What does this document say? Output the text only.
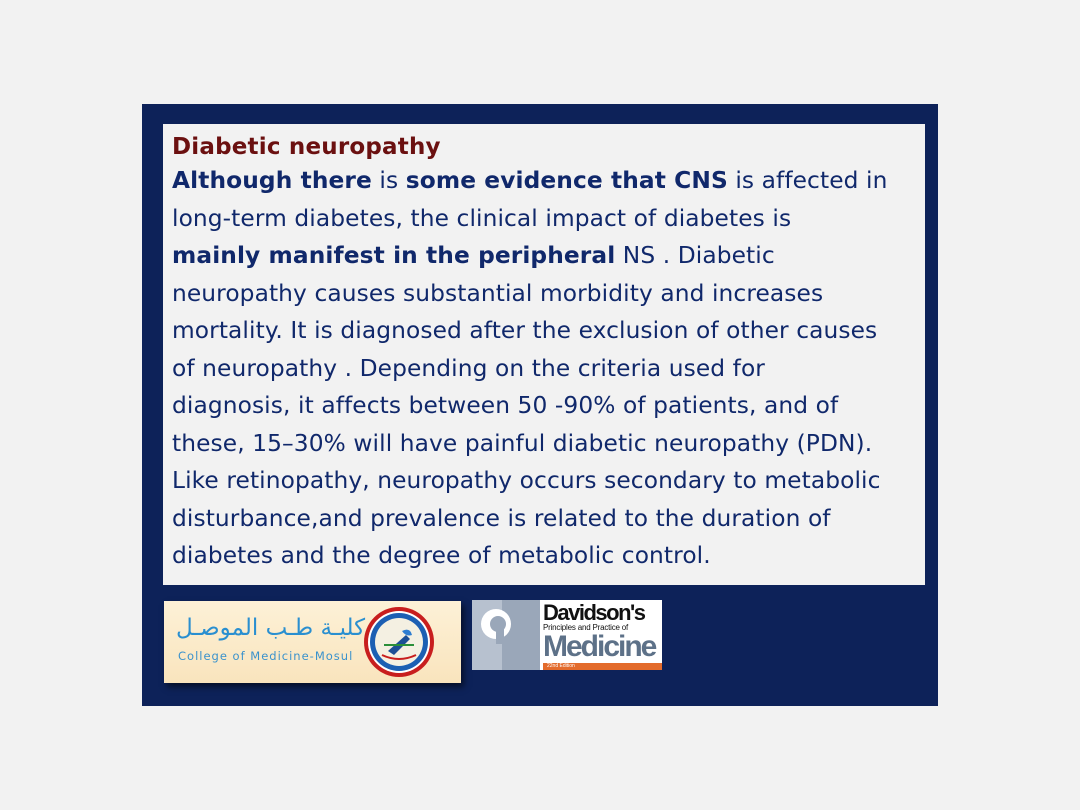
Diabetic neuropathy
Although there is some evidence that CNS is affected in
long-term diabetes, the clinical impact of diabetes is
mainly manifest in the peripheral NS . Diabetic
neuropathy causes substantial morbidity and increases
mortality. It is diagnosed after the exclusion of other causes
of neuropathy . Depending on the criteria used for
diagnosis, it affects between 50 -90% of patients, and of
these, 15–30% will have painful diabetic neuropathy (PDN).
Like retinopathy, neuropathy occurs secondary to metabolic
disturbance,and prevalence is related to the duration of
diabetes and the degree of metabolic control.
كليـة طـب الموصـل
College of Medicine-Mosul
Davidson's
Principles and Practice of
Medicine
22nd Edition
